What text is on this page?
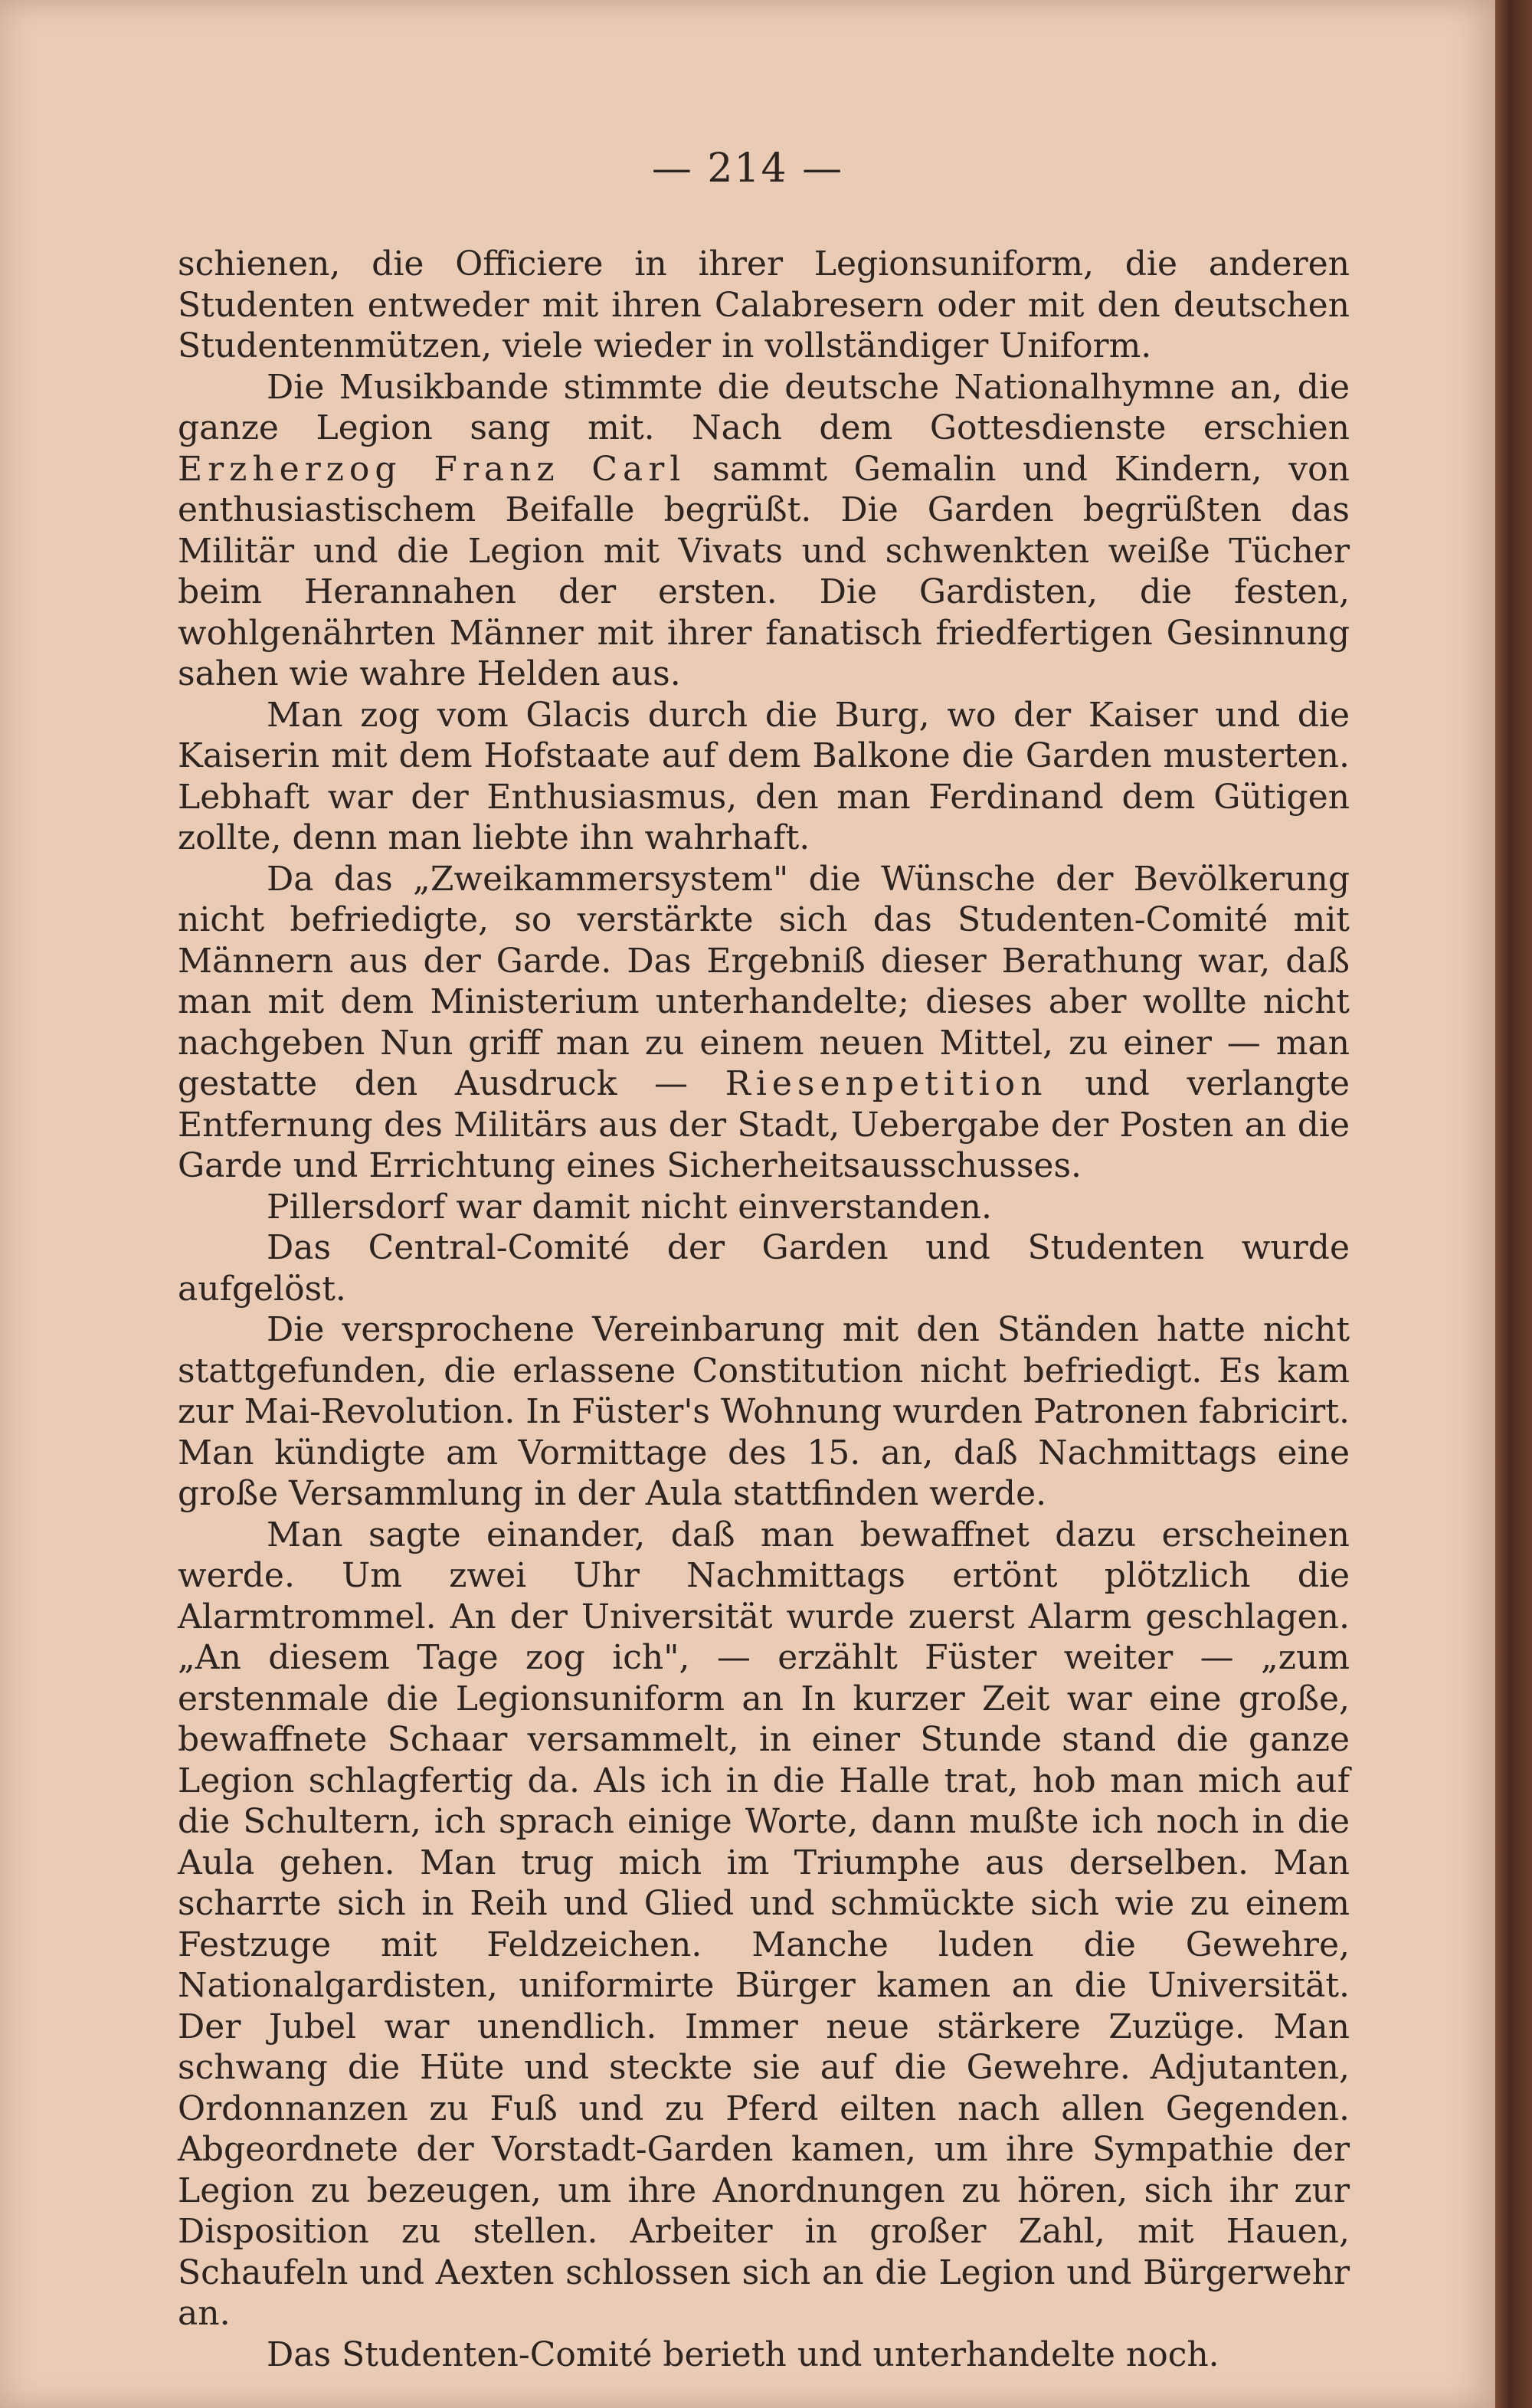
— 214 —

schienen, die Officiere in ihrer Legionsuniform, die anderen Studenten entweder mit ihren Calabresern oder mit den deutschen Studentenmützen, viele wieder in vollständiger Uniform.

Die Musikbande stimmte die deutsche Nationalhymne an, die ganze Legion sang mit. Nach dem Gottesdienste erschien Erzherzog Franz Carl sammt Gemalin und Kindern, von enthusiastischem Beifalle begrüßt. Die Garden begrüßten das Militär und die Legion mit Vivats und schwenkten weiße Tücher beim Herannahen der ersten. Die Gardisten, die festen, wohlgenährten Männer mit ihrer fanatisch friedfertigen Gesinnung sahen wie wahre Helden aus.

Man zog vom Glacis durch die Burg, wo der Kaiser und die Kaiserin mit dem Hofstaate auf dem Balkone die Garden musterten. Lebhaft war der Enthusiasmus, den man Ferdinand dem Gütigen zollte, denn man liebte ihn wahrhaft.

Da das „Zweikammersystem" die Wünsche der Bevölkerung nicht befriedigte, so verstärkte sich das Studenten-Comité mit Männern aus der Garde. Das Ergebniß dieser Berathung war, daß man mit dem Ministerium unterhandelte; dieses aber wollte nicht nachgeben Nun griff man zu einem neuen Mittel, zu einer — man gestatte den Ausdruck — Riesenpetition und verlangte Entfernung des Militärs aus der Stadt, Uebergabe der Posten an die Garde und Errichtung eines Sicherheitsausschusses.

Pillersdorf war damit nicht einverstanden.

Das Central-Comité der Garden und Studenten wurde aufgelöst.

Die versprochene Vereinbarung mit den Ständen hatte nicht stattgefunden, die erlassene Constitution nicht befriedigt. Es kam zur Mai-Revolution. In Füster's Wohnung wurden Patronen fabricirt. Man kündigte am Vormittage des 15. an, daß Nachmittags eine große Versammlung in der Aula stattfinden werde.

Man sagte einander, daß man bewaffnet dazu erscheinen werde. Um zwei Uhr Nachmittags ertönt plötzlich die Alarmtrommel. An der Universität wurde zuerst Alarm geschlagen. „An diesem Tage zog ich", — erzählt Füster weiter — „zum erstenmale die Legionsuniform an In kurzer Zeit war eine große, bewaffnete Schaar versammelt, in einer Stunde stand die ganze Legion schlagfertig da. Als ich in die Halle trat, hob man mich auf die Schultern, ich sprach einige Worte, dann mußte ich noch in die Aula gehen. Man trug mich im Triumphe aus derselben. Man scharrte sich in Reih und Glied und schmückte sich wie zu einem Festzuge mit Feldzeichen. Manche luden die Gewehre, Nationalgardisten, uniformirte Bürger kamen an die Universität. Der Jubel war unendlich. Immer neue stärkere Zuzüge. Man schwang die Hüte und steckte sie auf die Gewehre. Adjutanten, Ordonnanzen zu Fuß und zu Pferd eilten nach allen Gegenden. Abgeordnete der Vorstadt-Garden kamen, um ihre Sympathie der Legion zu bezeugen, um ihre Anordnungen zu hören, sich ihr zur Disposition zu stellen. Arbeiter in großer Zahl, mit Hauen, Schaufeln und Aexten schlossen sich an die Legion und Bürgerwehr an.

Das Studenten-Comité berieth und unterhandelte noch.
